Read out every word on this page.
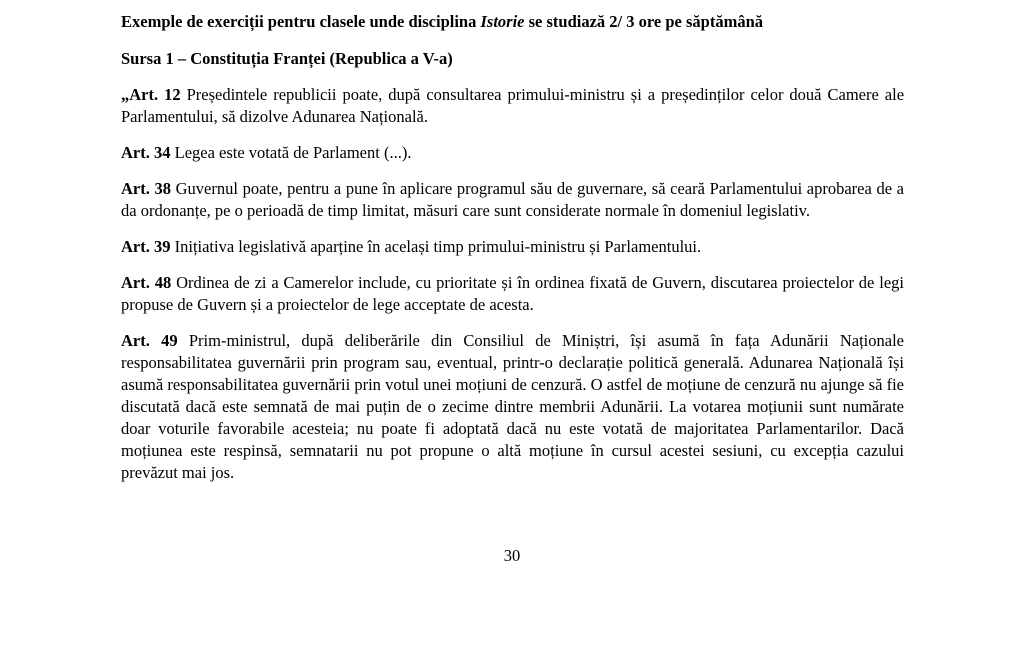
Exemple de exerciții pentru clasele unde disciplina Istorie se studiază 2/ 3 ore pe săptămână

Sursa 1 – Constituția Franței (Republica a V-a)

„Art. 12 Președintele republicii poate, după consultarea primului-ministru și a președinților celor două Camere ale Parlamentului, să dizolve Adunarea Națională.

Art. 34 Legea este votată de Parlament (...).

Art. 38 Guvernul poate, pentru a pune în aplicare programul său de guvernare, să ceară Parlamentului aprobarea de a da ordonanțe, pe o perioadă de timp limitat, măsuri care sunt considerate normale în domeniul legislativ.

Art. 39 Inițiativa legislativă aparține în același timp primului-ministru și Parlamentului.

Art. 48 Ordinea de zi a Camerelor include, cu prioritate și în ordinea fixată de Guvern, discutarea proiectelor de legi propuse de Guvern și a proiectelor de lege acceptate de acesta.

Art. 49 Prim-ministrul, după deliberările din Consiliul de Miniștri, își asumă în fața Adunării Naționale responsabilitatea guvernării prin program sau, eventual, printr-o declarație politică generală. Adunarea Națională își asumă responsabilitatea guvernării prin votul unei moțiuni de cenzură. O astfel de moțiune de cenzură nu ajunge să fie discutată dacă este semnată de mai puțin de o zecime dintre membrii Adunării. La votarea moțiunii sunt numărate doar voturile favorabile acesteia; nu poate fi adoptată dacă nu este votată de majoritatea Parlamentarilor. Dacă moțiunea este respinsă, semnatarii nu pot propune o altă moțiune în cursul acestei sesiuni, cu excepția cazului prevăzut mai jos.

30
